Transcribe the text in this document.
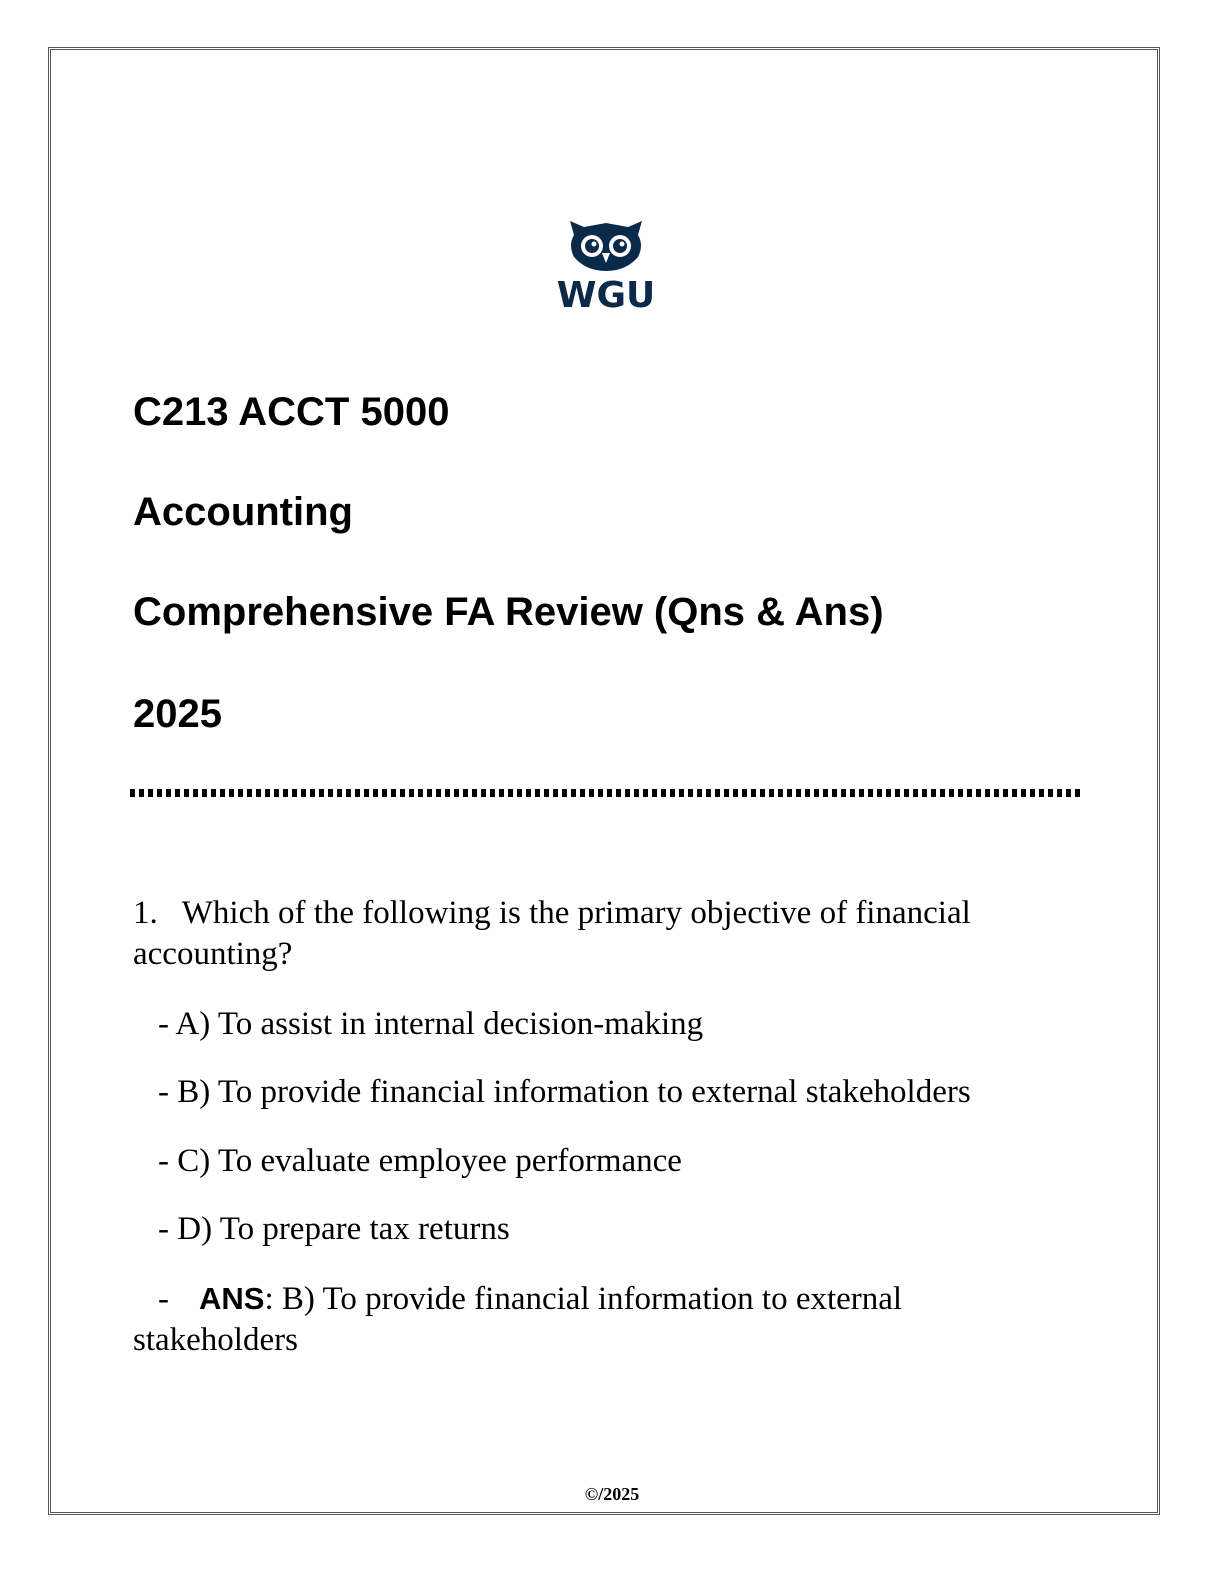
WGU
C213 ACCT 5000
Accounting
Comprehensive FA Review (Qns & Ans)
2025

1. Which of the following is the primary objective of financial accounting?

- A) To assist in internal decision-making

- B) To provide financial information to external stakeholders

- C) To evaluate employee performance

- D) To prepare tax returns

- ANS: B) To provide financial information to external stakeholders

©/2025
